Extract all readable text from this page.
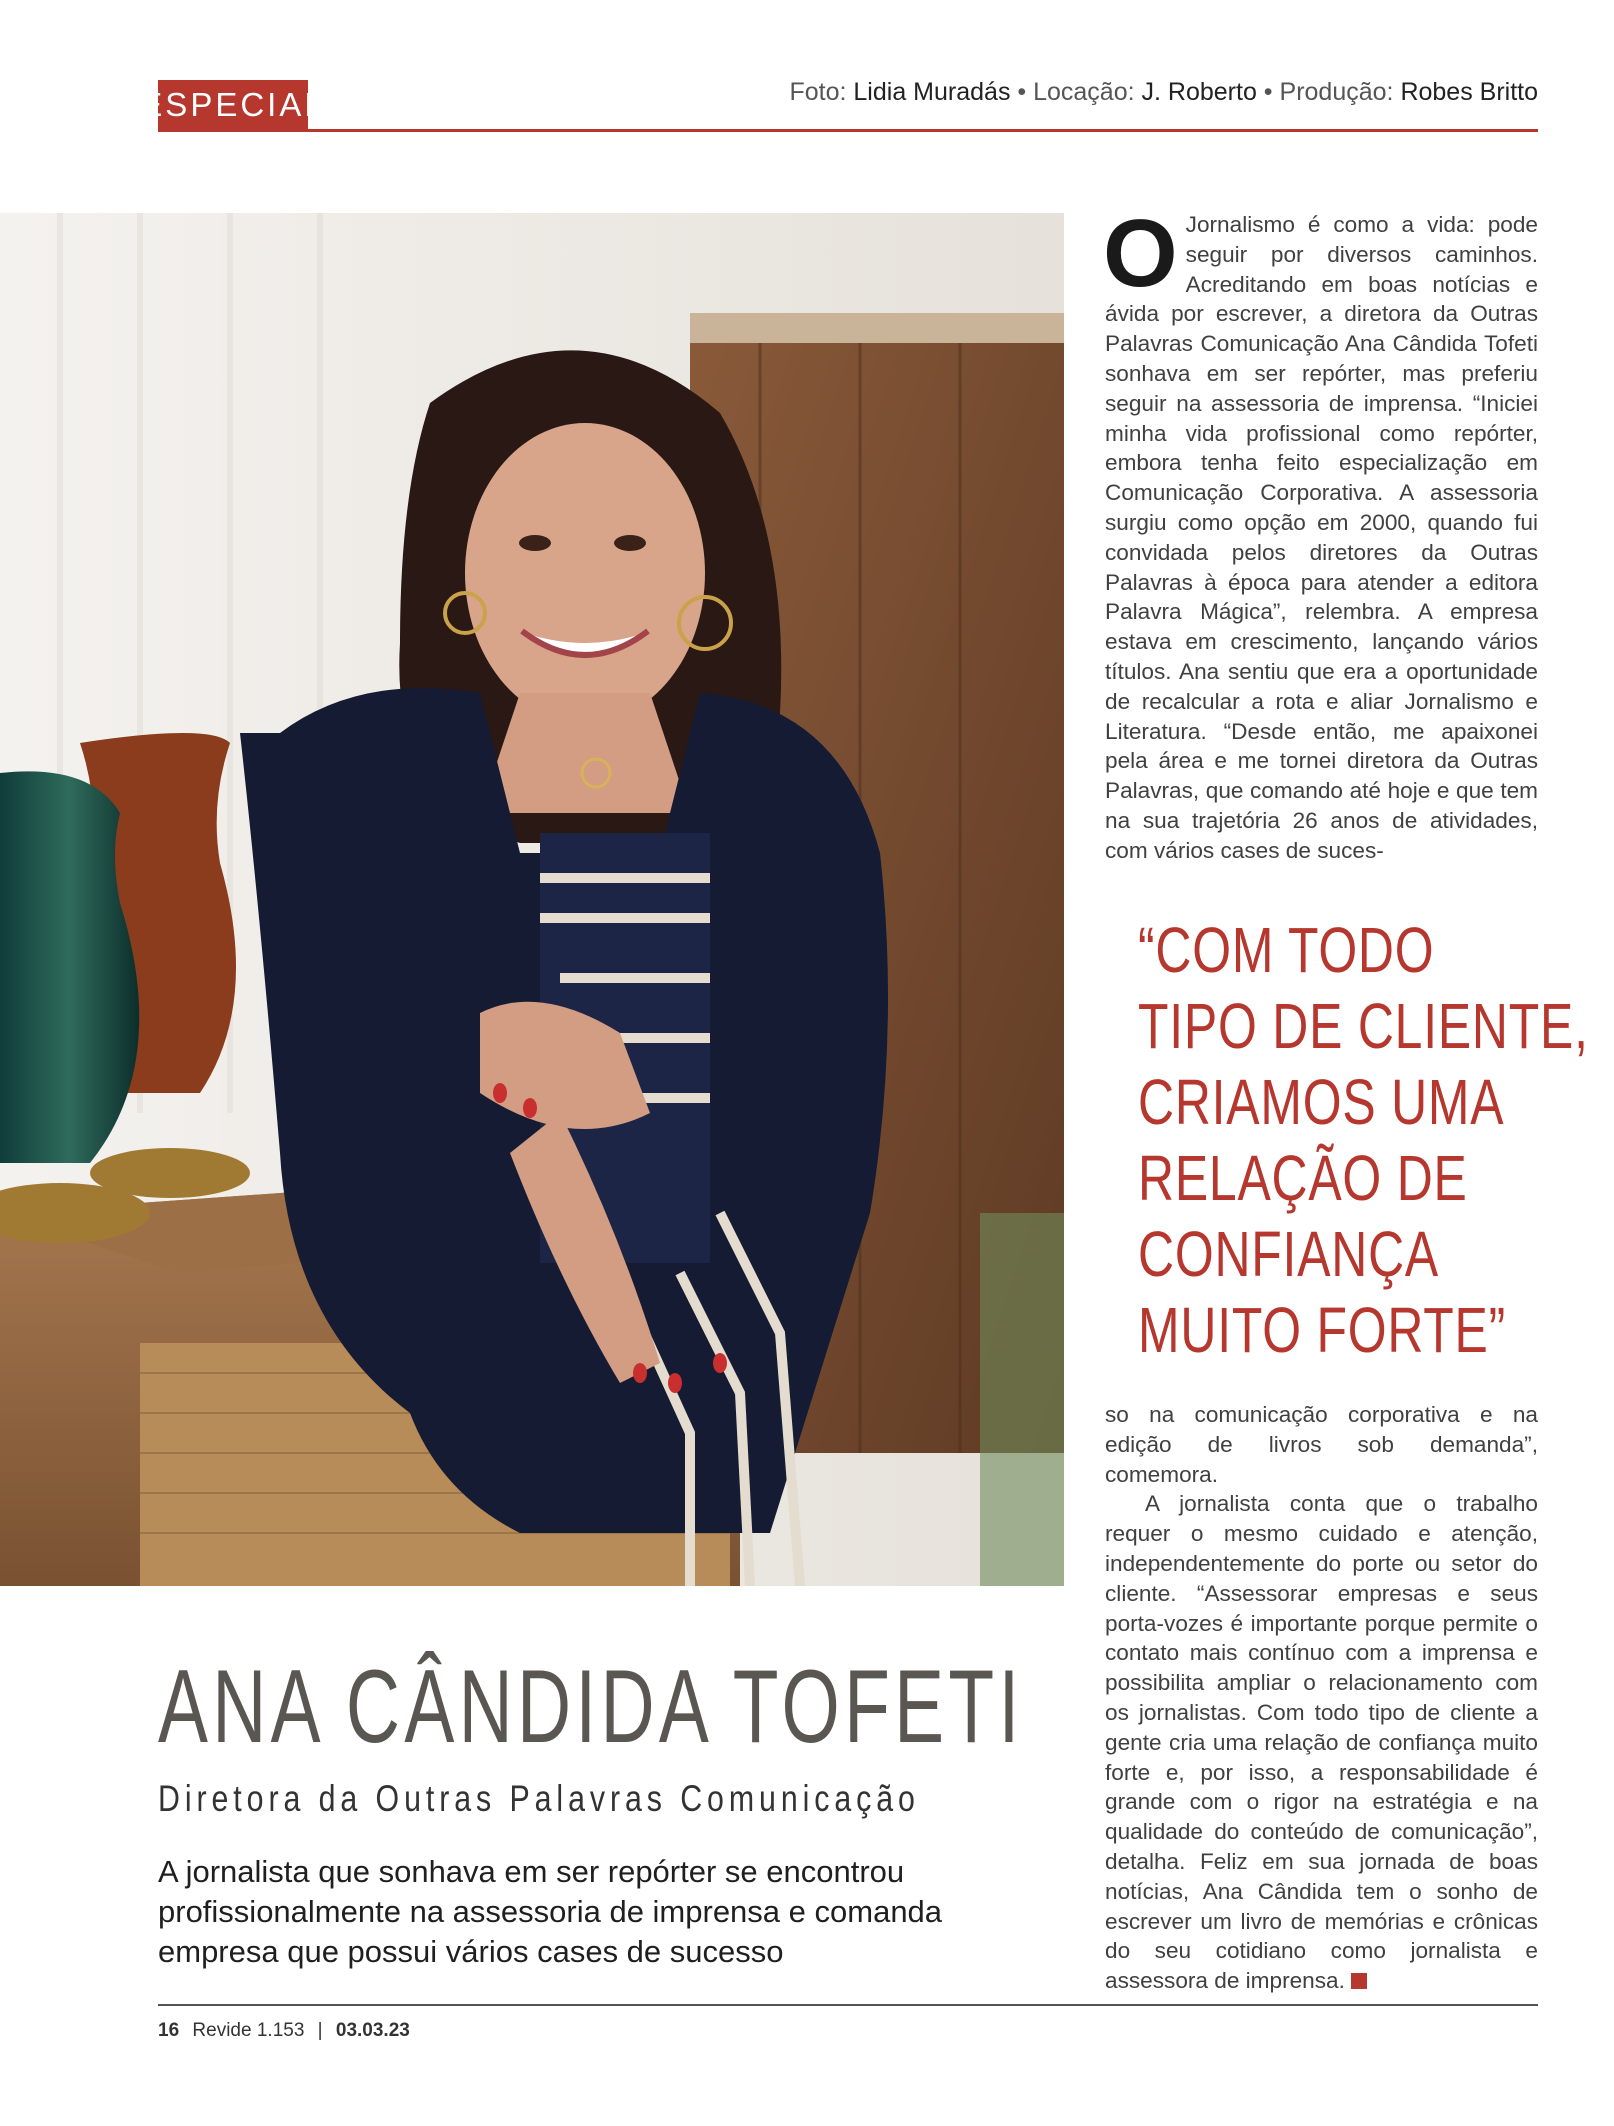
ESPECIAL	Foto: Lidia Muradás • Locação: J. Roberto • Produção: Robes Britto
O Jornalismo é como a vida: pode seguir por diversos caminhos. Acreditando em boas notícias e ávida por escrever, a diretora da Outras Palavras Comunicação Ana Cândida Tofeti sonhava em ser repórter, mas preferiu seguir na assessoria de imprensa. “Iniciei minha vida profissional como repórter, embora tenha feito especialização em Comunicação Corporativa. A assessoria surgiu como opção em 2000, quando fui convidada pelos diretores da Outras Palavras à época para atender a editora Palavra Mágica”, relembra. A empresa estava em crescimento, lançando vários títulos. Ana sentiu que era a oportunidade de recalcular a rota e aliar Jornalismo e Literatura. “Desde então, me apaixonei pela área e me tornei diretora da Outras Palavras, que comando até hoje e que tem na sua trajetória 26 anos de atividades, com vários cases de suces-
“COM TODO
TIPO DE CLIENTE,
CRIAMOS UMA
RELAÇÃO DE
CONFIANÇA
MUITO FORTE”

so na comunicação corporativa e na edição de livros sob demanda”, comemora.

A jornalista conta que o trabalho requer o mesmo cuidado e atenção, independentemente do porte ou setor do cliente. “Assessorar empresas e seus porta-vozes é importante porque permite o contato mais contínuo com a imprensa e possibilita ampliar o relacionamento com os jornalistas. Com todo tipo de cliente a gente cria uma relação de confiança muito forte e, por isso, a responsabilidade é grande com o rigor na estratégia e na qualidade do conteúdo de comunicação”, detalha. Feliz em sua jornada de boas notícias, Ana Cândida tem o sonho de escrever um livro de memórias e crônicas do seu cotidiano como jornalista e assessora de imprensa.

ANA CÂNDIDA TOFETI
Diretora da Outras Palavras Comunicação
A jornalista que sonhava em ser repórter se encontrou
profissionalmente na assessoria de imprensa e comanda
empresa que possui vários cases de sucesso
16 Revide 1.153 | 03.03.23
